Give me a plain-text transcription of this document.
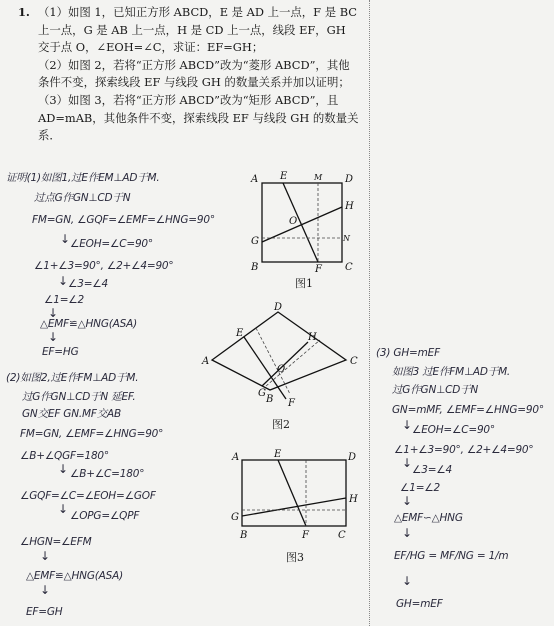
1. （1）如图 1，已知正方形 ABCD，E 是 AD 上一点，F 是 BC 上一点，G 是 AB 上一点，H 是 CD 上一点，线段 EF，GH 交于点 O，∠EOH=∠C，求证：EF=GH；

（2）如图 2，若将“正方形 ABCD”改为“菱形 ABCD”，其他条件不变，探索线段 EF 与线段 GH 的数量关系并加以证明；

（3）如图 3，若将“正方形 ABCD”改为“矩形 ABCD”，且 AD=mAB，其他条件不变，探索线段 EF 与线段 GH 的数量关系．

A	D
B	C
E
F
G
H
O
M
N
图1
A
D
C
B
E
F
G
H
O
图2
A	D
B	C
E
F
G
H
图3
证明(1)如图1,过E作EM⊥AD于M.
过点G作GN⊥CD于N
FM=GN, ∠GQF=∠EMF=∠HNG=90°
↓ ∠EOH=∠C=90°
∠1+∠3=90°, ∠2+∠4=90°
↓ ∠3=∠4
∠1=∠2
↓
△EMF≌△HNG(ASA)
↓
EF=HG
(2)如图2,过E作FM⊥AD于M.
过G作GN⊥CD于N 延EF.
GN交EF GN.MF交AB
FM=GN, ∠EMF=∠HNG=90°
∠B+∠QGF=180°
↓ ∠B+∠C=180°
∠GQF=∠C=∠EOH=∠GOF
↓ ∠OPG=∠QPF
∠HGN=∠EFM
↓
△EMF≌△HNG(ASA)
↓
EF=GH
(3) GH=mEF
如图3 过E作FM⊥AD于M.
过G作GN⊥CD于N
GN=mMF, ∠EMF=∠HNG=90°
↓ ∠EOH=∠C=90°
∠1+∠3=90°, ∠2+∠4=90°
↓ ∠3=∠4
∠1=∠2
↓
△EMF∽△HNG
↓
EF/HG = MF/NG = 1/m
↓
GH=mEF
